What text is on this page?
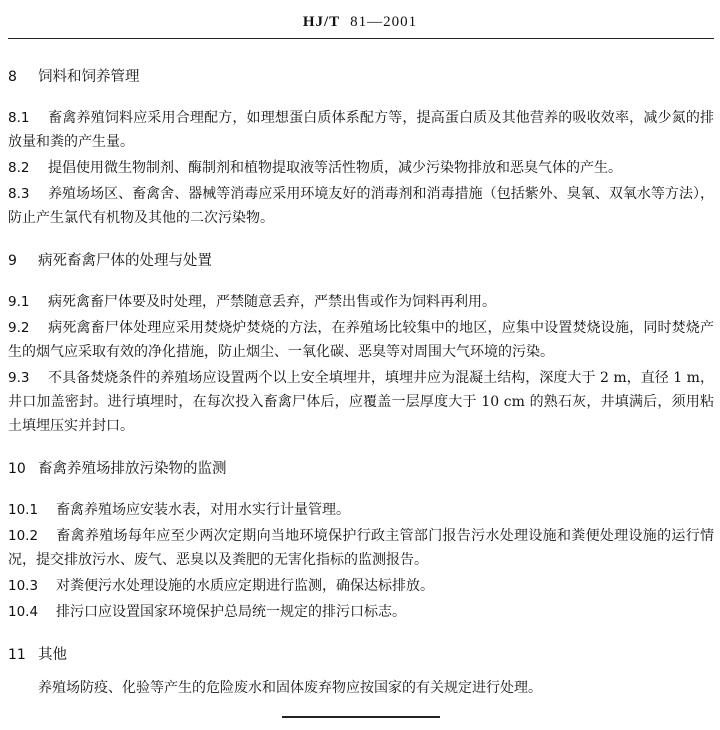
HJ/T 81—2001
8 饲料和饲养管理
8.1 畜禽养殖饲料应采用合理配方，如理想蛋白质体系配方等，提高蛋白质及其他营养的吸收效率，减少氮的排放量和粪的产生量。
8.2 提倡使用微生物制剂、酶制剂和植物提取液等活性物质，减少污染物排放和恶臭气体的产生。
8.3 养殖场场区、畜禽舍、器械等消毒应采用环境友好的消毒剂和消毒措施（包括紫外、臭氧、双氧水等方法），防止产生氯代有机物及其他的二次污染物。
9 病死畜禽尸体的处理与处置
9.1 病死禽畜尸体要及时处理，严禁随意丢弃，严禁出售或作为饲料再利用。
9.2 病死禽畜尸体处理应采用焚烧炉焚烧的方法，在养殖场比较集中的地区，应集中设置焚烧设施，同时焚烧产生的烟气应采取有效的净化措施，防止烟尘、一氧化碳、恶臭等对周围大气环境的污染。
9.3 不具备焚烧条件的养殖场应设置两个以上安全填埋井，填埋井应为混凝土结构，深度大于 2 m，直径 1 m，井口加盖密封。进行填埋时，在每次投入畜禽尸体后，应覆盖一层厚度大于 10 cm 的熟石灰，井填满后，须用粘土填埋压实并封口。
10 畜禽养殖场排放污染物的监测
10.1 畜禽养殖场应安装水表，对用水实行计量管理。
10.2 畜禽养殖场每年应至少两次定期向当地环境保护行政主管部门报告污水处理设施和粪便处理设施的运行情况，提交排放污水、废气、恶臭以及粪肥的无害化指标的监测报告。
10.3 对粪便污水处理设施的水质应定期进行监测，确保达标排放。
10.4 排污口应设置国家环境保护总局统一规定的排污口标志。
11 其他
养殖场防疫、化验等产生的危险废水和固体废弃物应按国家的有关规定进行处理。
